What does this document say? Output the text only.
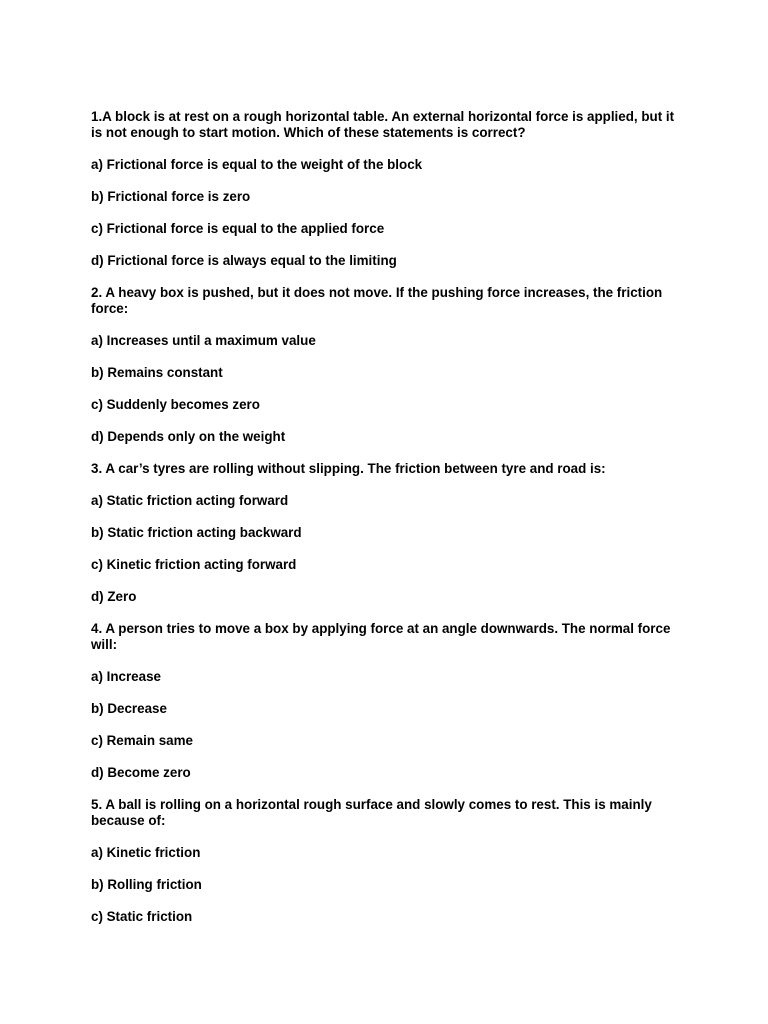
1.A block is at rest on a rough horizontal table. An external horizontal force is applied, but it is not enough to start motion. Which of these statements is correct?

a) Frictional force is equal to the weight of the block

b) Frictional force is zero

c) Frictional force is equal to the applied force

d) Frictional force is always equal to the limiting

2. A heavy box is pushed, but it does not move. If the pushing force increases, the friction force:

a) Increases until a maximum value

b) Remains constant

c) Suddenly becomes zero

d) Depends only on the weight

3. A car’s tyres are rolling without slipping. The friction between tyre and road is:

a) Static friction acting forward

b) Static friction acting backward

c) Kinetic friction acting forward

d) Zero

4. A person tries to move a box by applying force at an angle downwards. The normal force will:

a) Increase

b) Decrease

c) Remain same

d) Become zero

5. A ball is rolling on a horizontal rough surface and slowly comes to rest. This is mainly because of:

a) Kinetic friction

b) Rolling friction

c) Static friction
